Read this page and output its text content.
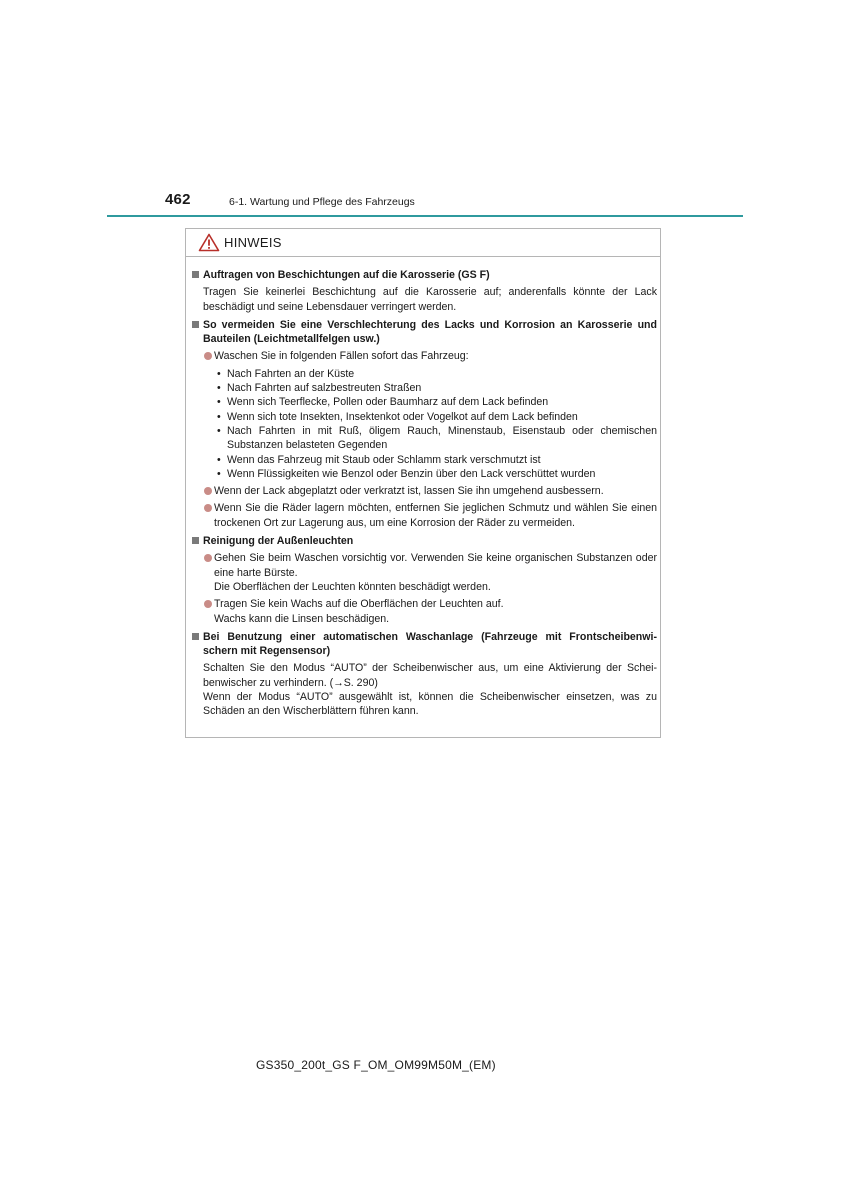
462	6-1. Wartung und Pflege des Fahrzeugs
HINWEIS
Auftragen von Beschichtungen auf die Karosserie (GS F)
Tragen Sie keinerlei Beschichtung auf die Karosserie auf; anderenfalls könnte der Lack beschädigt und seine Lebensdauer verringert werden.
So vermeiden Sie eine Verschlechterung des Lacks und Korrosion an Karosserie und Bauteilen (Leichtmetallfelgen usw.)
Waschen Sie in folgenden Fällen sofort das Fahrzeug:
• Nach Fahrten an der Küste
• Nach Fahrten auf salzbestreuten Straßen
• Wenn sich Teerflecke, Pollen oder Baumharz auf dem Lack befinden
• Wenn sich tote Insekten, Insektenkot oder Vogelkot auf dem Lack befinden
• Nach Fahrten in mit Ruß, öligem Rauch, Minenstaub, Eisenstaub oder chemischen Substanzen belasteten Gegenden
• Wenn das Fahrzeug mit Staub oder Schlamm stark verschmutzt ist
• Wenn Flüssigkeiten wie Benzol oder Benzin über den Lack verschüttet wurden
Wenn der Lack abgeplatzt oder verkratzt ist, lassen Sie ihn umgehend ausbessern.
Wenn Sie die Räder lagern möchten, entfernen Sie jeglichen Schmutz und wählen Sie einen trockenen Ort zur Lagerung aus, um eine Korrosion der Räder zu vermeiden.
Reinigung der Außenleuchten
Gehen Sie beim Waschen vorsichtig vor. Verwenden Sie keine organischen Substanzen oder eine harte Bürste.
Die Oberflächen der Leuchten könnten beschädigt werden.
Tragen Sie kein Wachs auf die Oberflächen der Leuchten auf.
Wachs kann die Linsen beschädigen.
Bei Benutzung einer automatischen Waschanlage (Fahrzeuge mit Frontscheibenwi-schern mit Regensensor)
Schalten Sie den Modus “AUTO” der Scheibenwischer aus, um eine Aktivierung der Schei-benwischer zu verhindern. (→S. 290)
Wenn der Modus “AUTO” ausgewählt ist, können die Scheibenwischer einsetzen, was zu Schäden an den Wischerblättern führen kann.
GS350_200t_GS F_OM_OM99M50M_(EM)
